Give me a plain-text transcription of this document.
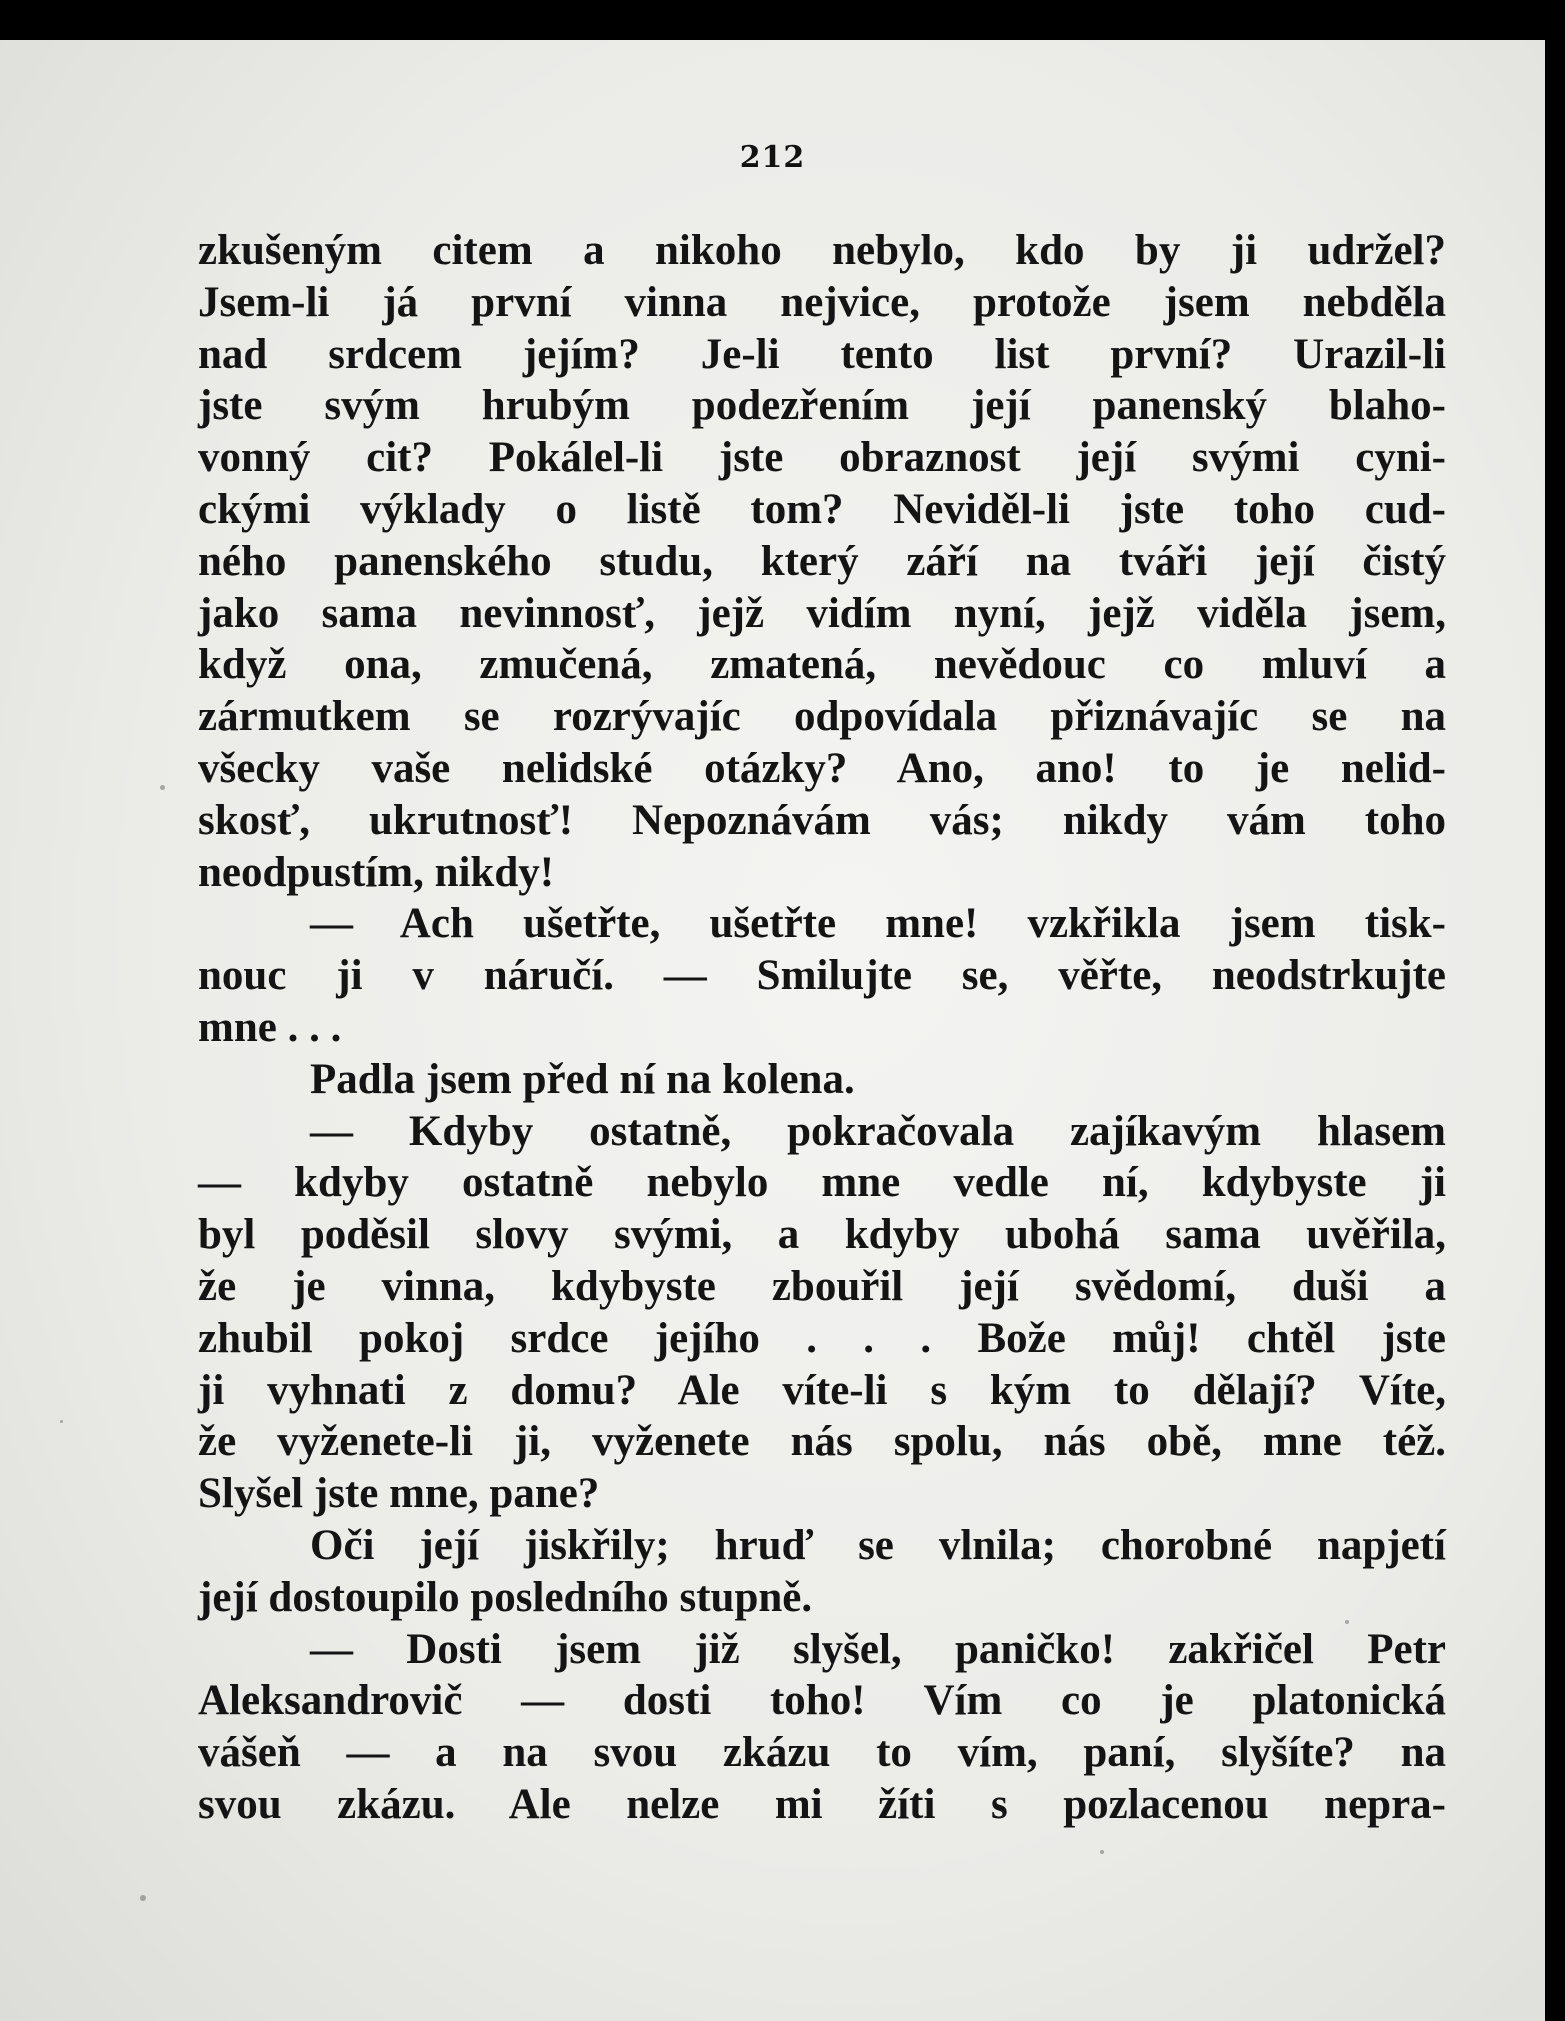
212
zkušeným citem a nikoho nebylo, kdo by ji udržel?
Jsem-li já první vinna nejvice, protože jsem nebděla
nad srdcem jejím? Je-li tento list první? Urazil-li
jste svým hrubým podezřením její panenský blaho-
vonný cit? Pokálel-li jste obraznost její svými cyni-
ckými výklady o listě tom? Neviděl-li jste toho cud-
ného panenského studu, který září na tváři její čistý
jako sama nevinnosť, jejž vidím nyní, jejž viděla jsem,
když ona, zmučená, zmatená, nevědouc co mluví a
zármutkem se rozrývajíc odpovídala přiznávajíc se na
všecky vaše nelidské otázky? Ano, ano! to je nelid-
skosť, ukrutnosť! Nepoznávám vás; nikdy vám toho
neodpustím, nikdy!
— Ach ušetřte, ušetřte mne! vzkřikla jsem tisk-
nouc ji v náručí. — Smilujte se, věřte, neodstrkujte
mne . . .
Padla jsem před ní na kolena.
— Kdyby ostatně, pokračovala zajíkavým hlasem
— kdyby ostatně nebylo mne vedle ní, kdybyste ji
byl poděsil slovy svými, a kdyby ubohá sama uvěřila,
že je vinna, kdybyste zbouřil její svědomí, duši a
zhubil pokoj srdce jejího . . . Bože můj! chtěl jste
ji vyhnati z domu? Ale víte-li s kým to dělají? Víte,
že vyženete-li ji, vyženete nás spolu, nás obě, mne též.
Slyšel jste mne, pane?
Oči její jiskřily; hruď se vlnila; chorobné napjetí
její dostoupilo posledního stupně.
— Dosti jsem již slyšel, paničko! zakřičel Petr
Aleksandrovič — dosti toho! Vím co je platonická
vášeň — a na svou zkázu to vím, paní, slyšíte? na
svou zkázu. Ale nelze mi žíti s pozlacenou nepra-
